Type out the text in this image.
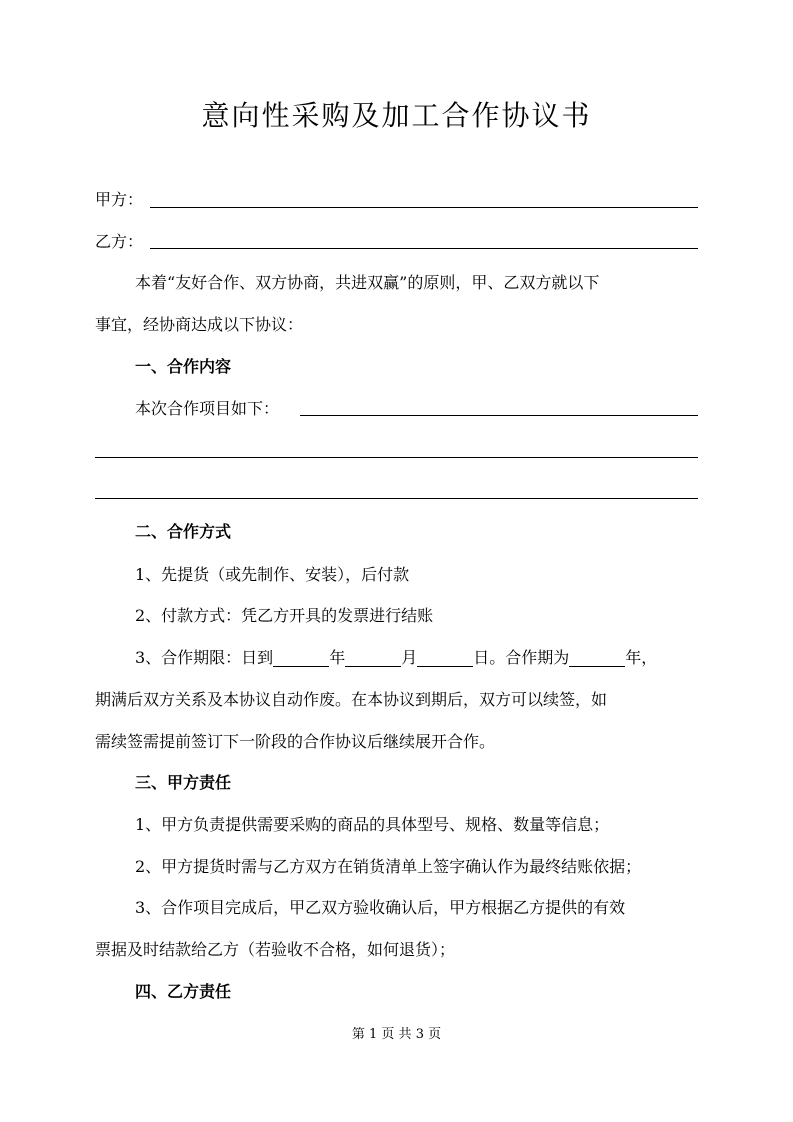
意向性采购及加工合作协议书
甲方：
乙方：
本着“友好合作、双方协商，共进双赢”的原则，甲、乙双方就以下
事宜，经协商达成以下协议：
一、合作内容
本次合作项目如下：
二、合作方式
1、先提货（或先制作、安装），后付款
2、付款方式：凭乙方开具的发票进行结账
3、合作期限：日到	年	月	日。合作期为	年，
期满后双方关系及本协议自动作废。在本协议到期后，双方可以续签，如
需续签需提前签订下一阶段的合作协议后继续展开合作。
三、甲方责任
1、甲方负责提供需要采购的商品的具体型号、规格、数量等信息；
2、甲方提货时需与乙方双方在销货清单上签字确认作为最终结账依据；
3、合作项目完成后，甲乙双方验收确认后，甲方根据乙方提供的有效
票据及时结款给乙方（若验收不合格，如何退货）；
四、乙方责任
第 1 页 共 3 页
